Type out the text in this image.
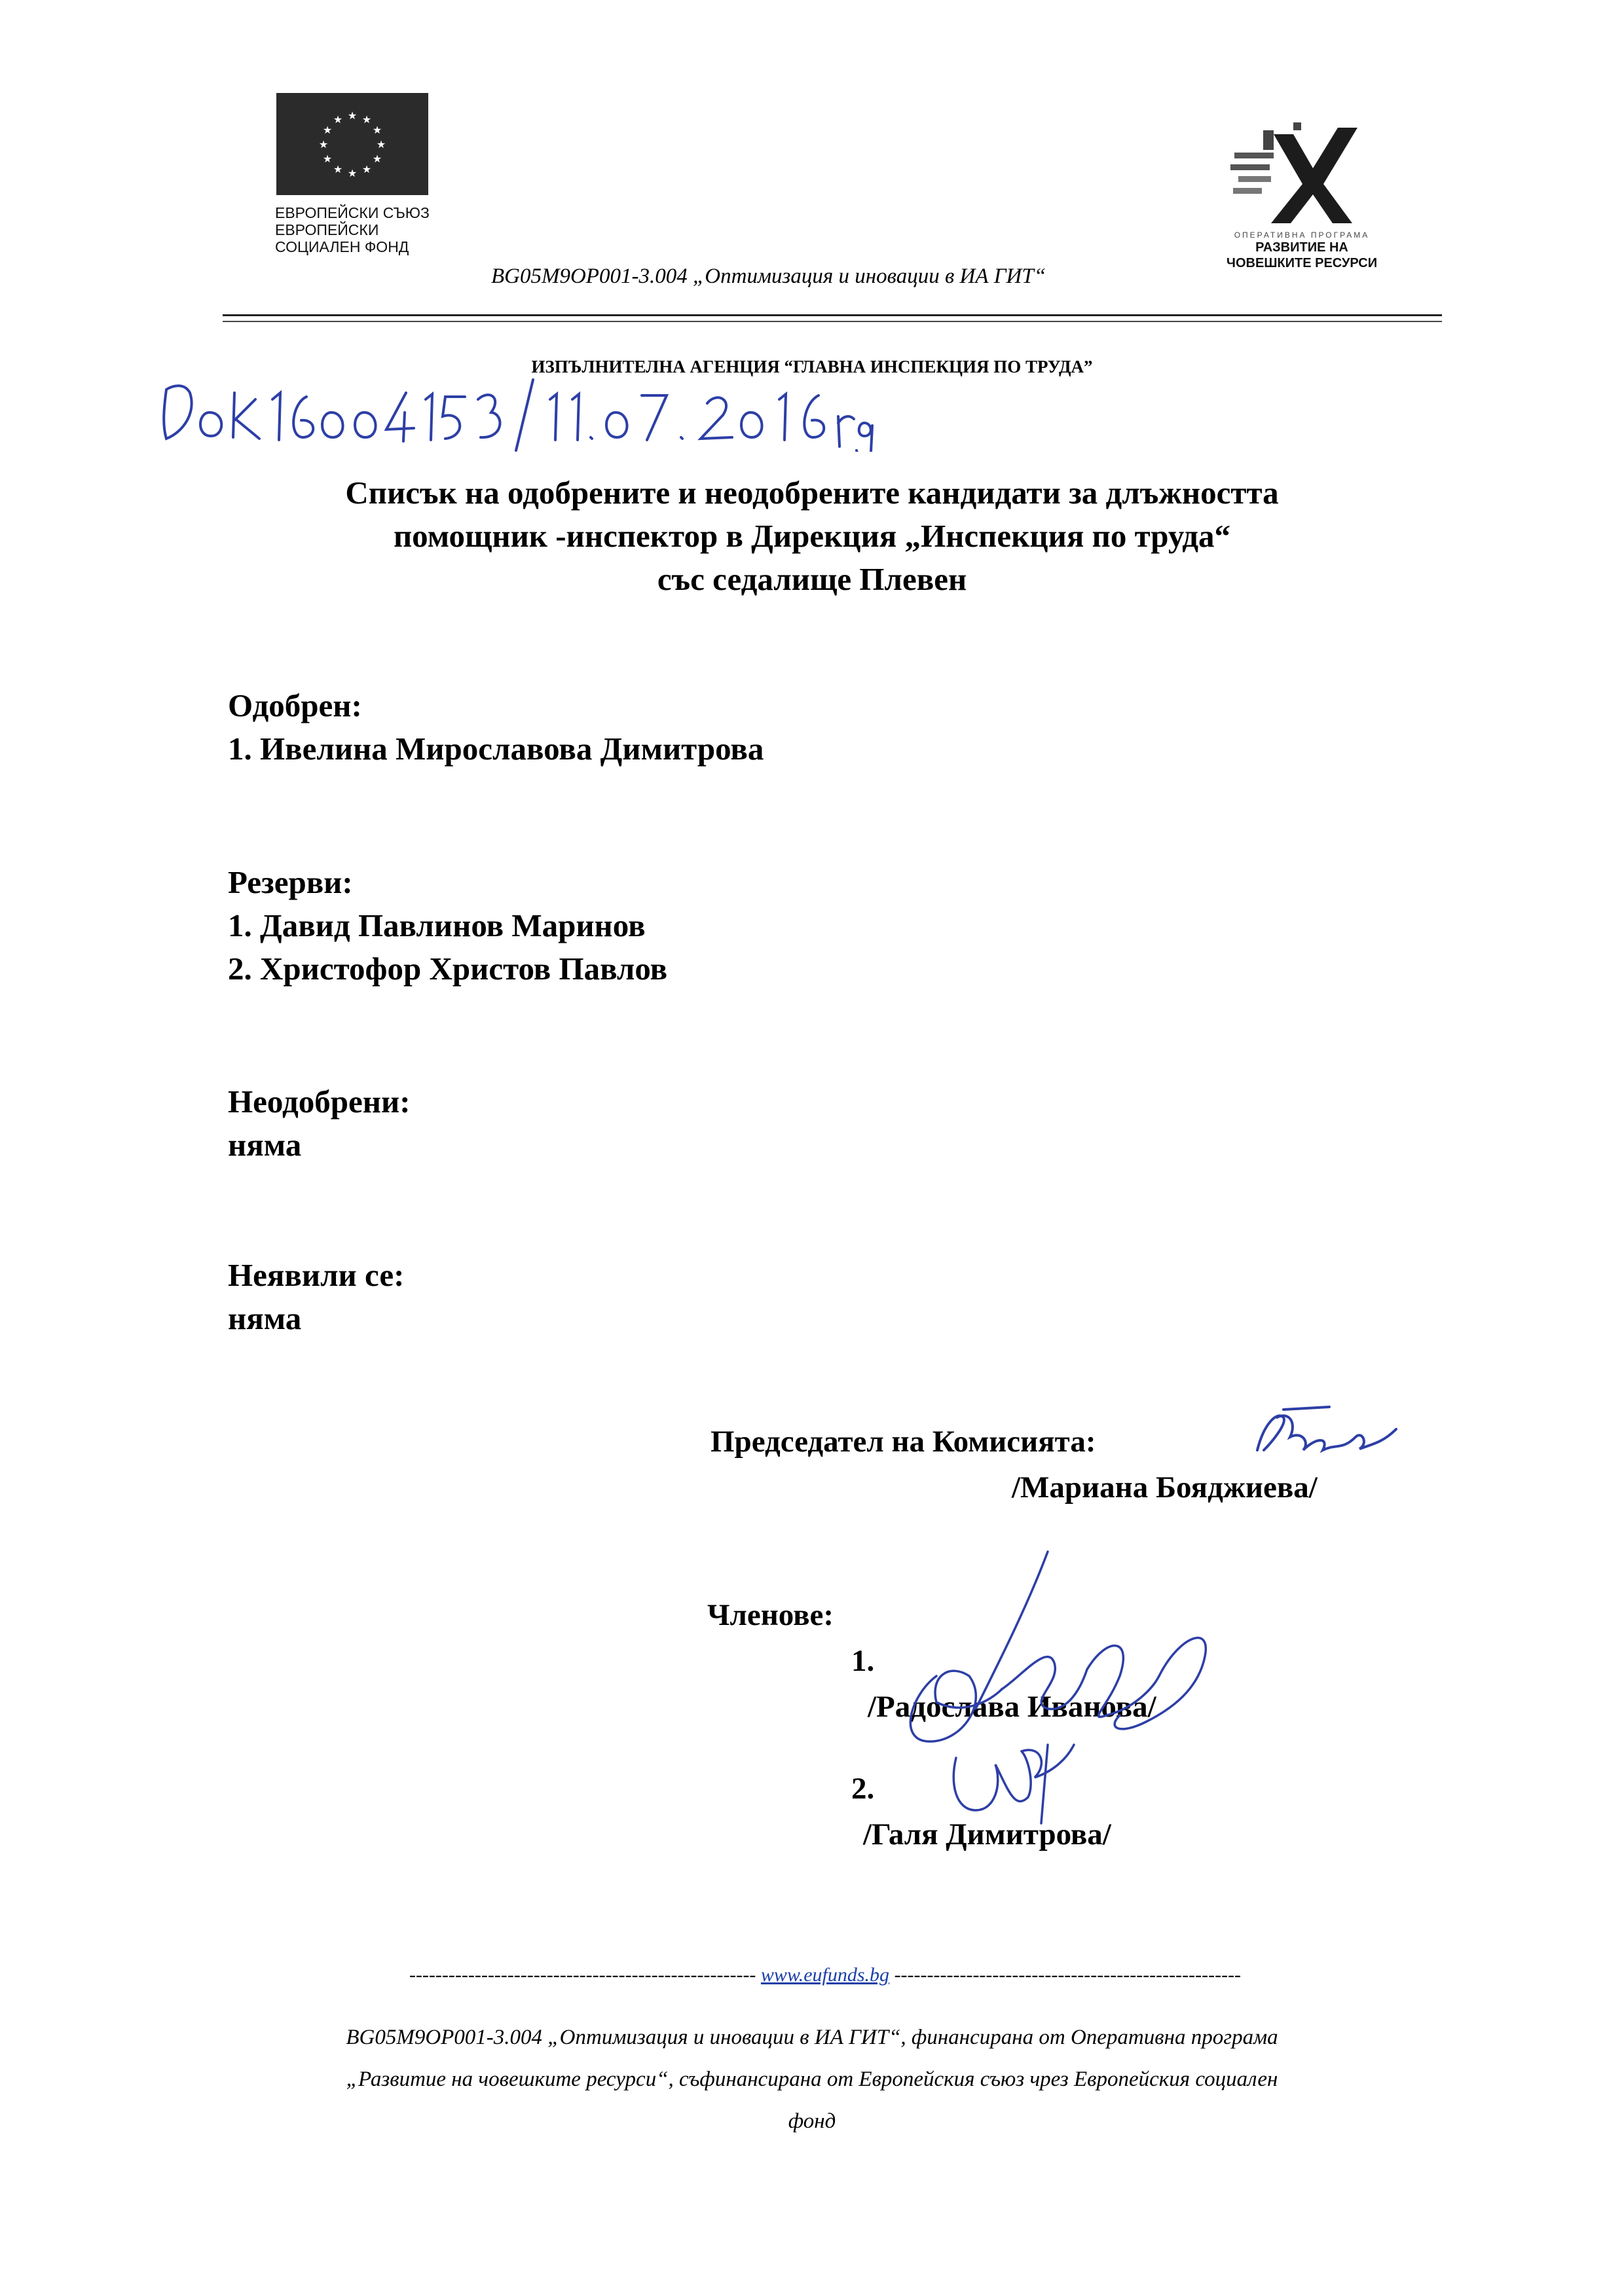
★ ★
★
★
★
★
★
★
★
★
★
★
ЕВРОПЕЙСКИ СЪЮЗ
ЕВРОПЕЙСКИ
СОЦИАЛЕН ФОНД
ОПЕРАТИВНА ПРОГРАМА
РАЗВИТИЕ НА
ЧОВЕШКИТЕ РЕСУРСИ
BG05M9OP001-3.004 „Оптимизация и иновации в ИА ГИТ“
ИЗПЪЛНИТЕЛНА АГЕНЦИЯ “ГЛАВНА ИНСПЕКЦИЯ ПО ТРУДА”
Списък на одобрените и неодобрените кандидати за длъжността
помощник -инспектор в Дирекция „Инспекция по труда“
със седалище Плевен
Одобрен:
1. Ивелина Мирославова Димитрова
Резерви:
1. Давид Павлинов Маринов
2. Христофор Христов Павлов
Неодобрени:
няма
Неявили се:
няма
Председател на Комисията:
/Мариана Бояджиева/
Членове:
1.
/Радослава Иванова/
2.
/Галя Димитрова/
----------------------------------------------------- www.eufunds.bg -----------------------------------------------------
BG05M9OP001-3.004 „Оптимизация и иновации в ИА ГИТ“, финансирана от Оперативна програма
„Развитие на човешките ресурси“, съфинансирана от Европейския съюз чрез Европейския социален
фонд
